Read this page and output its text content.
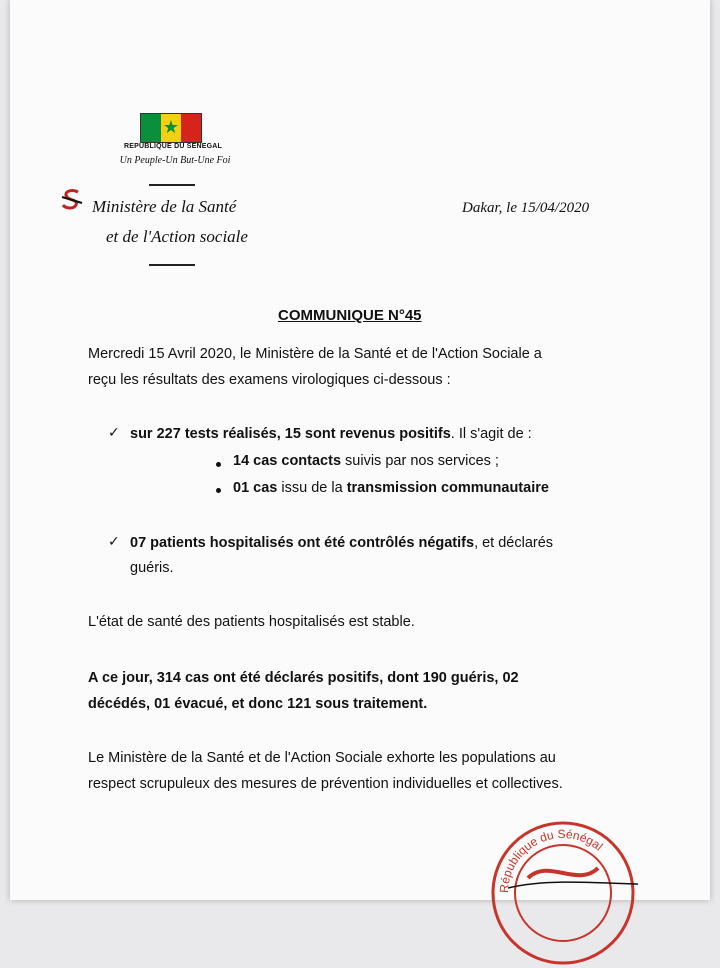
★
REPUBLIQUE DU SENEGAL
Un Peuple-Un But-Une Foi
Ministère de la Santé
et de l'Action sociale
Dakar, le 15/04/2020
COMMUNIQUE N°45
Mercredi 15 Avril 2020, le Ministère de la Santé et de l'Action Sociale a
reçu les résultats des examens virologiques ci-dessous :
✓ sur 227 tests réalisés, 15 sont revenus positifs. Il s'agit de :
14 cas contacts suivis par nos services ;
01 cas issu de la transmission communautaire
✓ 07 patients hospitalisés ont été contrôlés négatifs, et déclarés
guéris.
L'état de santé des patients hospitalisés est stable.
A ce jour, 314 cas ont été déclarés positifs, dont 190 guéris, 02
décédés, 01 évacué, et donc 121 sous traitement.
Le Ministère de la Santé et de l'Action Sociale exhorte les populations au
respect scrupuleux des mesures de prévention individuelles et collectives.
République du Sénégal
